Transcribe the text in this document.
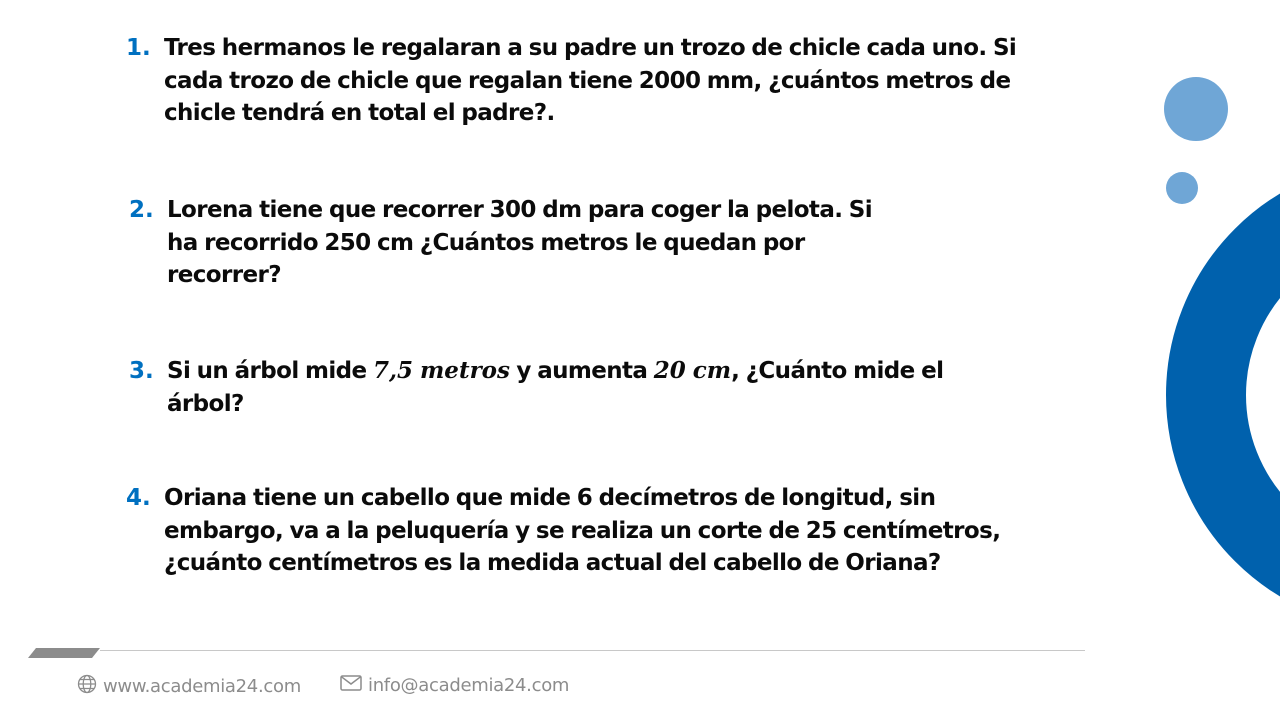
1. Tres hermanos le regalaran a su padre un trozo de chicle cada uno. Si
cada trozo de chicle que regalan tiene 2000 mm, ¿cuántos metros de
chicle tendrá en total el padre?.
2. Lorena tiene que recorrer 300 dm para coger la pelota. Si
ha recorrido 250 cm ¿Cuántos metros le quedan por
recorrer?
3. Si un árbol mide 7,5 metros y aumenta 20 cm, ¿Cuánto mide el
árbol?
4. Oriana tiene un cabello que mide 6 decímetros de longitud, sin
embargo, va a la peluquería y se realiza un corte de 25 centímetros,
¿cuánto centímetros es la medida actual del cabello de Oriana?
www.academia24.com	info@academia24.com
